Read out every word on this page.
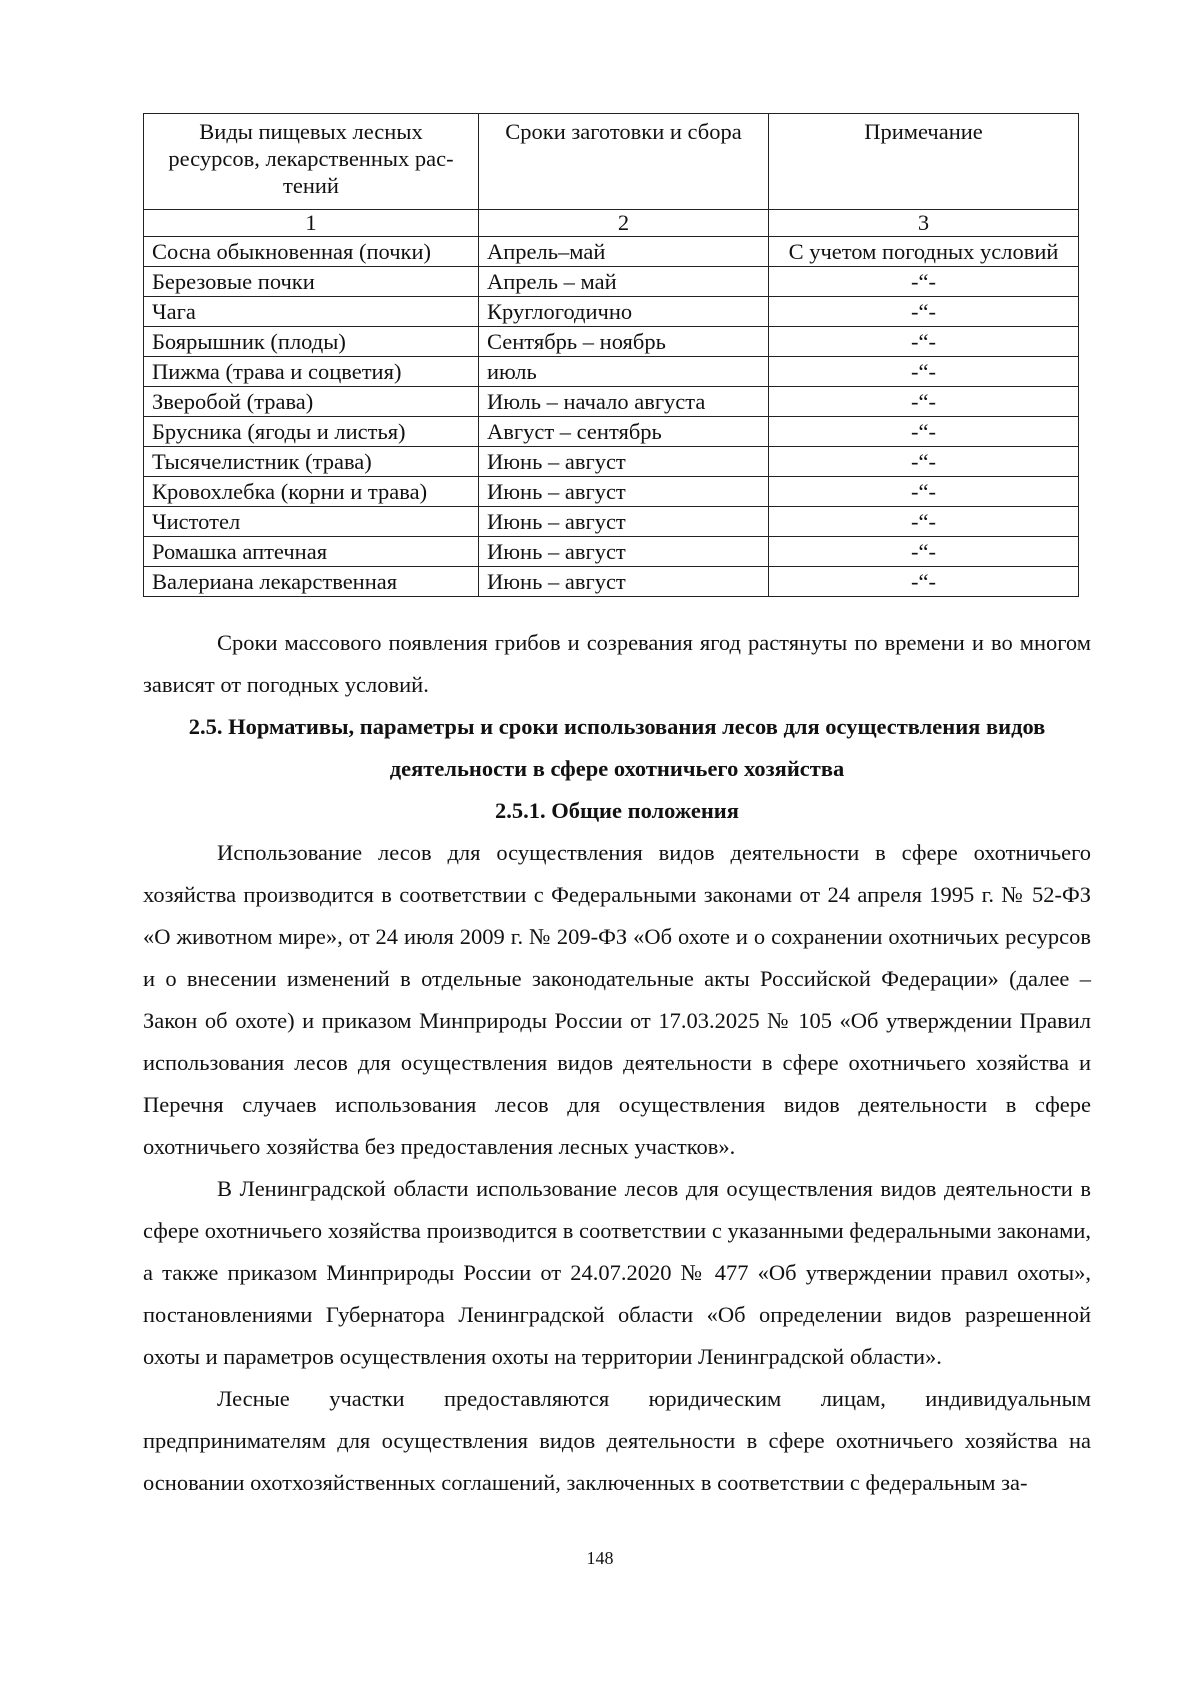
Виды пищевых лесных ресурсов, лекарственных рас-тений	Сроки заготовки и сбора	Примечание
1	2	3
Сосна обыкновенная (почки)	Апрель–май	С учетом погодных условий
Березовые почки	Апрель – май	-“-
Чага	Круглогодично	-“-
Боярышник (плоды)	Сентябрь – ноябрь	-“-
Пижма (трава и соцветия)	июль	-“-
Зверобой (трава)	Июль – начало августа	-“-
Брусника (ягоды и листья)	Август – сентябрь	-“-
Тысячелистник (трава)	Июнь – август	-“-
Кровохлебка (корни и трава)	Июнь – август	-“-
Чистотел	Июнь – август	-“-
Ромашка аптечная	Июнь – август	-“-
Валериана лекарственная	Июнь – август	-“-

Сроки массового появления грибов и созревания ягод растянуты по времени и во многом зависят от погодных условий.

2.5. Нормативы, параметры и сроки использования лесов для осуществления видов деятельности в сфере охотничьего хозяйства

2.5.1. Общие положения

Использование лесов для осуществления видов деятельности в сфере охотничьего хозяйства производится в соответствии с Федеральными законами от 24 апреля 1995 г. № 52-ФЗ «О животном мире», от 24 июля 2009 г. № 209-ФЗ «Об охоте и о сохранении охотничьих ресурсов и о внесении изменений в отдельные законодательные акты Российской Федерации» (далее – Закон об охоте) и приказом Минприроды России от 17.03.2025 № 105 «Об утверждении Правил использования лесов для осуществления видов деятельности в сфере охотничьего хозяйства и Перечня случаев использования лесов для осуществления видов деятельности в сфере охотничьего хозяйства без предоставления лесных участков».

В Ленинградской области использование лесов для осуществления видов деятельности в сфере охотничьего хозяйства производится в соответствии с указанными федеральными законами, а также приказом Минприроды России от 24.07.2020 № 477 «Об утверждении правил охоты», постановлениями Губернатора Ленинградской области «Об определении видов разрешенной охоты и параметров осуществления охоты на территории Ленинградской области».

Лесные участки предоставляются юридическим лицам, индивидуальным предпринимателям для осуществления видов деятельности в сфере охотничьего хозяйства на основании охотхозяйственных соглашений, заключенных в соответствии с федеральным за-

148
